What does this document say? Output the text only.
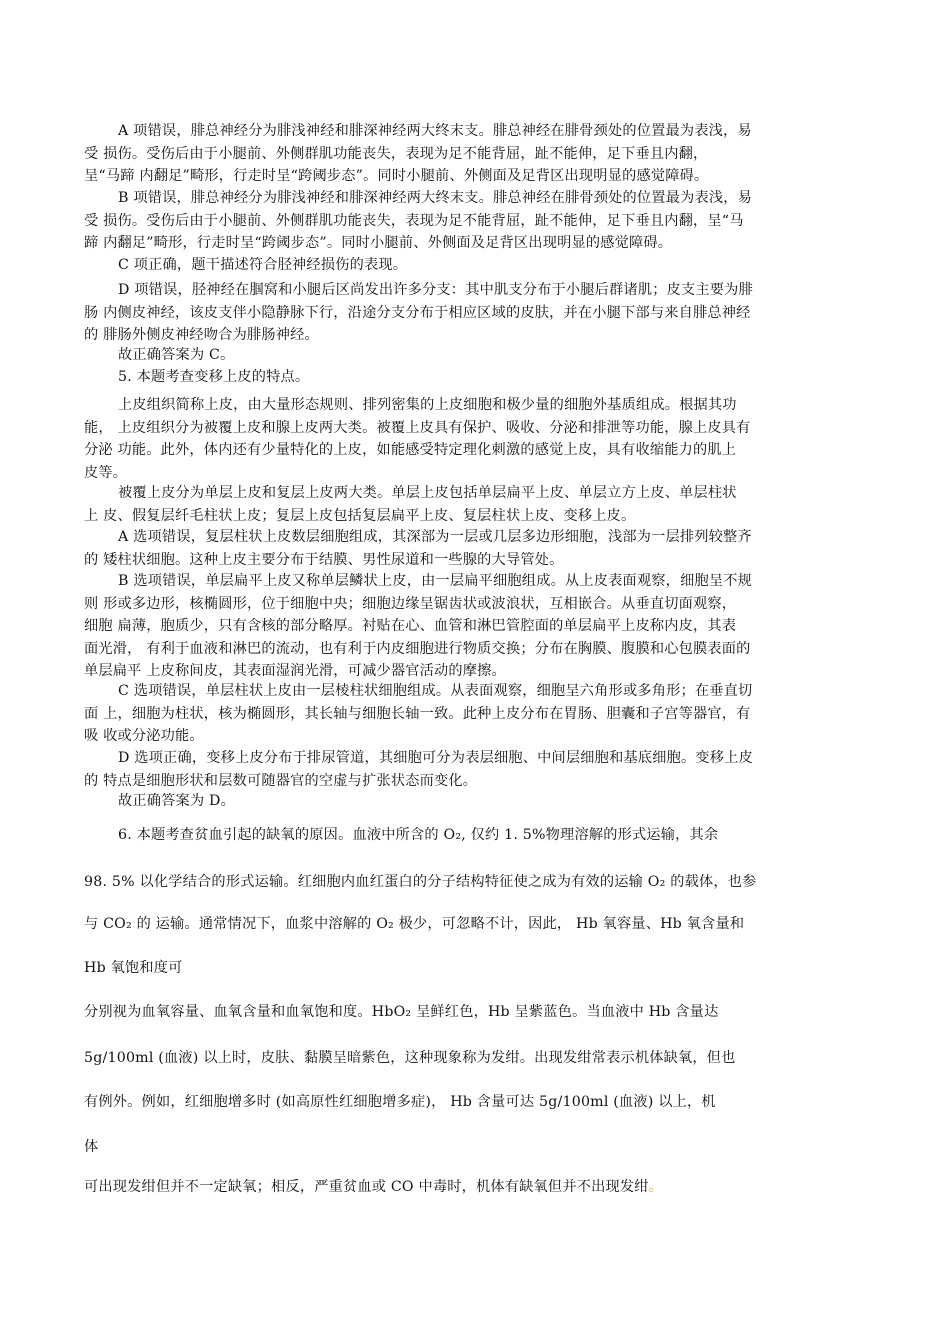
A 项错误，腓总神经分为腓浅神经和腓深神经两大终末支。腓总神经在腓骨颈处的位置最为表浅，易
受 损伤。受伤后由于小腿前、外侧群肌功能丧失，表现为足不能背屈，趾不能伸，足下垂且内翻，
呈“马蹄 内翻足”畸形，行走时呈“跨阈步态”。同时小腿前、外侧面及足背区出现明显的感觉障碍。
B 项错误，腓总神经分为腓浅神经和腓深神经两大终末支。腓总神经在腓骨颈处的位置最为表浅，易
受 损伤。受伤后由于小腿前、外侧群肌功能丧失，表现为足不能背屈，趾不能伸，足下垂且内翻，呈“马
蹄 内翻足”畸形，行走时呈“跨阈步态”。同时小腿前、外侧面及足背区出现明显的感觉障碍。
C 项正确，题干描述符合胫神经损伤的表现。
D 项错误，胫神经在腘窝和小腿后区尚发出许多分支：其中肌支分布于小腿后群诸肌；皮支主要为腓
肠 内侧皮神经，该皮支伴小隐静脉下行，沿途分支分布于相应区域的皮肤，并在小腿下部与来自腓总神经
的 腓肠外侧皮神经吻合为腓肠神经。
故正确答案为 C。
5. 本题考查变移上皮的特点。
上皮组织简称上皮，由大量形态规则、排列密集的上皮细胞和极少量的细胞外基质组成。根据其功
能， 上皮组织分为被覆上皮和腺上皮两大类。被覆上皮具有保护、吸收、分泌和排泄等功能，腺上皮具有
分泌 功能。此外，体内还有少量特化的上皮，如能感受特定理化刺激的感觉上皮，具有收缩能力的肌上
皮等。
被覆上皮分为单层上皮和复层上皮两大类。单层上皮包括单层扁平上皮、单层立方上皮、单层柱状
上 皮、假复层纤毛柱状上皮；复层上皮包括复层扁平上皮、复层柱状上皮、变移上皮。
A 选项错误，复层柱状上皮数层细胞组成，其深部为一层或几层多边形细胞，浅部为一层排列较整齐
的 矮柱状细胞。这种上皮主要分布于结膜、男性尿道和一些腺的大导管处。
B 选项错误，单层扁平上皮又称单层鳞状上皮，由一层扁平细胞组成。从上皮表面观察，细胞呈不规
则 形或多边形，核椭圆形，位于细胞中央；细胞边缘呈锯齿状或波浪状，互相嵌合。从垂直切面观察，
细胞 扁薄，胞质少，只有含核的部分略厚。衬贴在心、血管和淋巴管腔面的单层扁平上皮称内皮，其表
面光滑， 有利于血液和淋巴的流动，也有利于内皮细胞进行物质交换；分布在胸膜、腹膜和心包膜表面的
单层扁平 上皮称间皮，其表面湿润光滑，可减少器官活动的摩擦。
C 选项错误，单层柱状上皮由一层棱柱状细胞组成。从表面观察，细胞呈六角形或多角形；在垂直切
面 上，细胞为柱状，核为椭圆形，其长轴与细胞长轴一致。此种上皮分布在胃肠、胆囊和子宫等器官，有
吸 收或分泌功能。
D 选项正确，变移上皮分布于排尿管道，其细胞可分为表层细胞、中间层细胞和基底细胞。变移上皮
的 特点是细胞形状和层数可随器官的空虚与扩张状态而变化。
故正确答案为 D。
6. 本题考查贫血引起的缺氧的原因。血液中所含的 O₂, 仅约 1. 5%物理溶解的形式运输，其余
98. 5% 以化学结合的形式运输。红细胞内血红蛋白的分子结构特征使之成为有效的运输 O₂ 的载体，也参
与 CO₂ 的 运输。通常情况下，血浆中溶解的 O₂ 极少，可忽略不计，因此， Hb 氧容量、Hb 氧含量和
Hb 氧饱和度可
分别视为血氧容量、血氧含量和血氧饱和度。HbO₂ 呈鲜红色，Hb 呈紫蓝色。当血液中 Hb 含量达
5g/100ml (血液) 以上时，皮肤、黏膜呈暗紫色，这种现象称为发绀。出现发绀常表示机体缺氧，但也
有例外。例如，红细胞增多时 (如高原性红细胞增多症)， Hb 含量可达 5g/100ml (血液) 以上，机
体
可出现发绀但并不一定缺氧；相反，严重贫血或 CO 中毒时，机体有缺氧但并不出现发绀。
